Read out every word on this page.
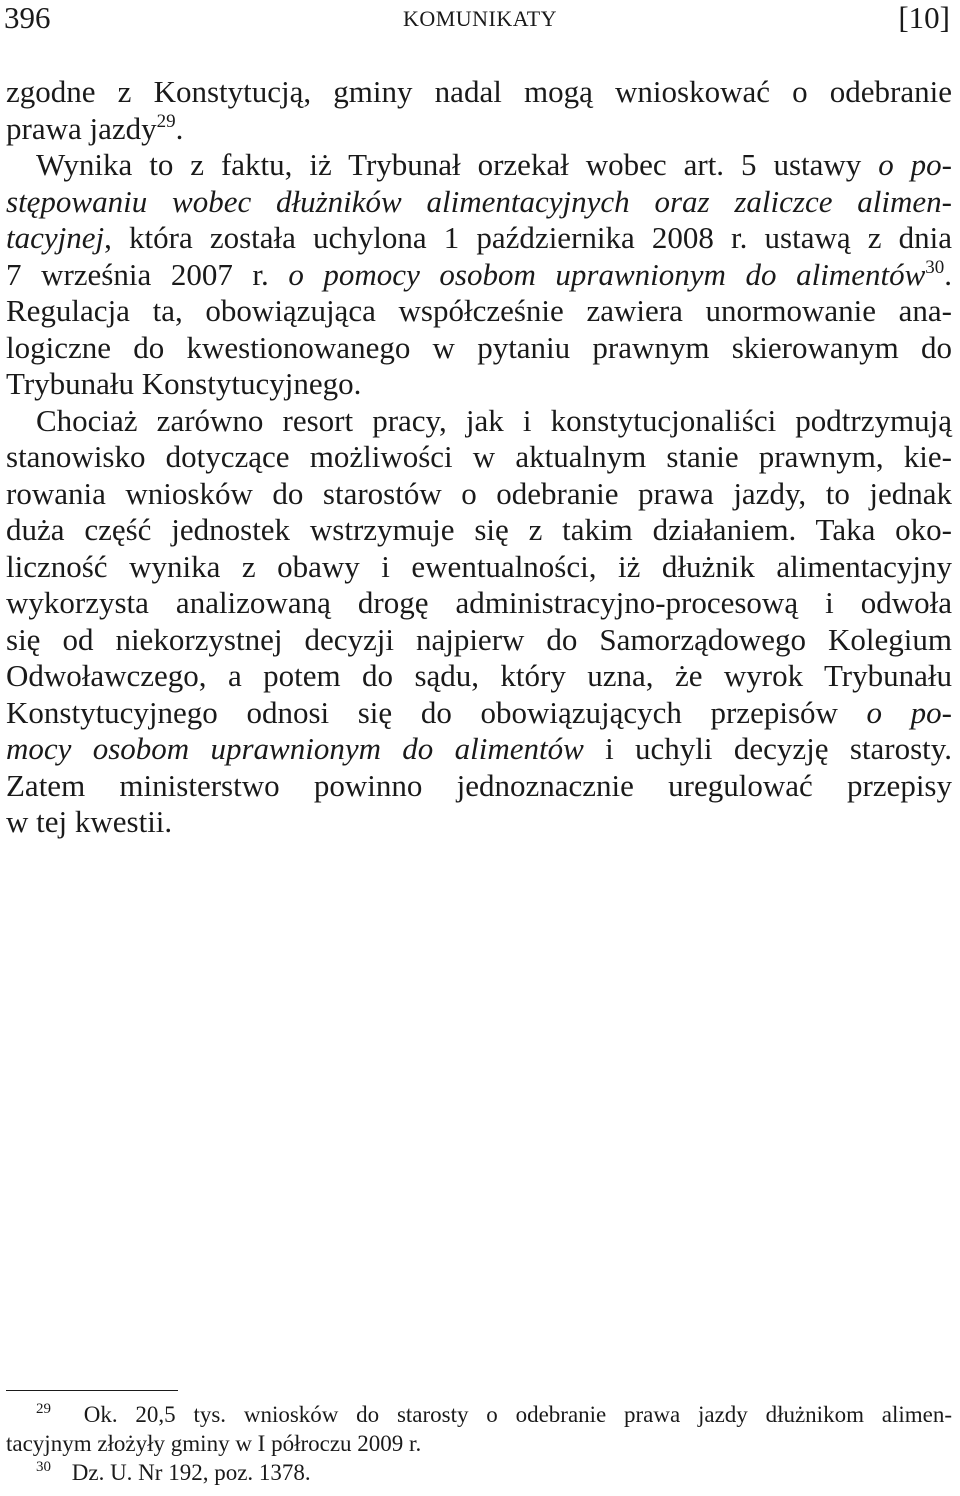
396	KOMUNIKATY	[10]
zgodne z Konstytucją, gminy nadal mogą wnioskować o odebranie
prawa jazdy$^{29}$.
Wynika to z faktu, iż Trybunał orzekał wobec art. 5 ustawy o po-
stępowaniu wobec dłużników alimentacyjnych oraz zaliczce alimen-
tacyjnej, która została uchylona 1 października 2008 r. ustawą z dnia
7 września 2007 r. o pomocy osobom uprawnionym do alimentów$^{30}$.
Regulacja ta, obowiązująca współcześnie zawiera unormowanie ana-
logiczne do kwestionowanego w pytaniu prawnym skierowanym do
Trybunału Konstytucyjnego.
Chociaż zarówno resort pracy, jak i konstytucjonaliści podtrzymują
stanowisko dotyczące możliwości w aktualnym stanie prawnym, kie-
rowania wniosków do starostów o odebranie prawa jazdy, to jednak
duża część jednostek wstrzymuje się z takim działaniem. Taka oko-
liczność wynika z obawy i ewentualności, iż dłużnik alimentacyjny
wykorzysta analizowaną drogę administracyjno-procesową i odwoła
się od niekorzystnej decyzji najpierw do Samorządowego Kolegium
Odwoławczego, a potem do sądu, który uzna, że wyrok Trybunału
Konstytucyjnego odnosi się do obowiązujących przepisów o po-
mocy osobom uprawnionym do alimentów i uchyli decyzję starosty.
Zatem ministerstwo powinno jednoznacznie uregulować przepisy
w tej kwestii.
29 Ok. 20,5 tys. wniosków do starosty o odebranie prawa jazdy dłużnikom alimen-
tacyjnym złożyły gminy w I półroczu 2009 r.
30 Dz. U. Nr 192, poz. 1378.
